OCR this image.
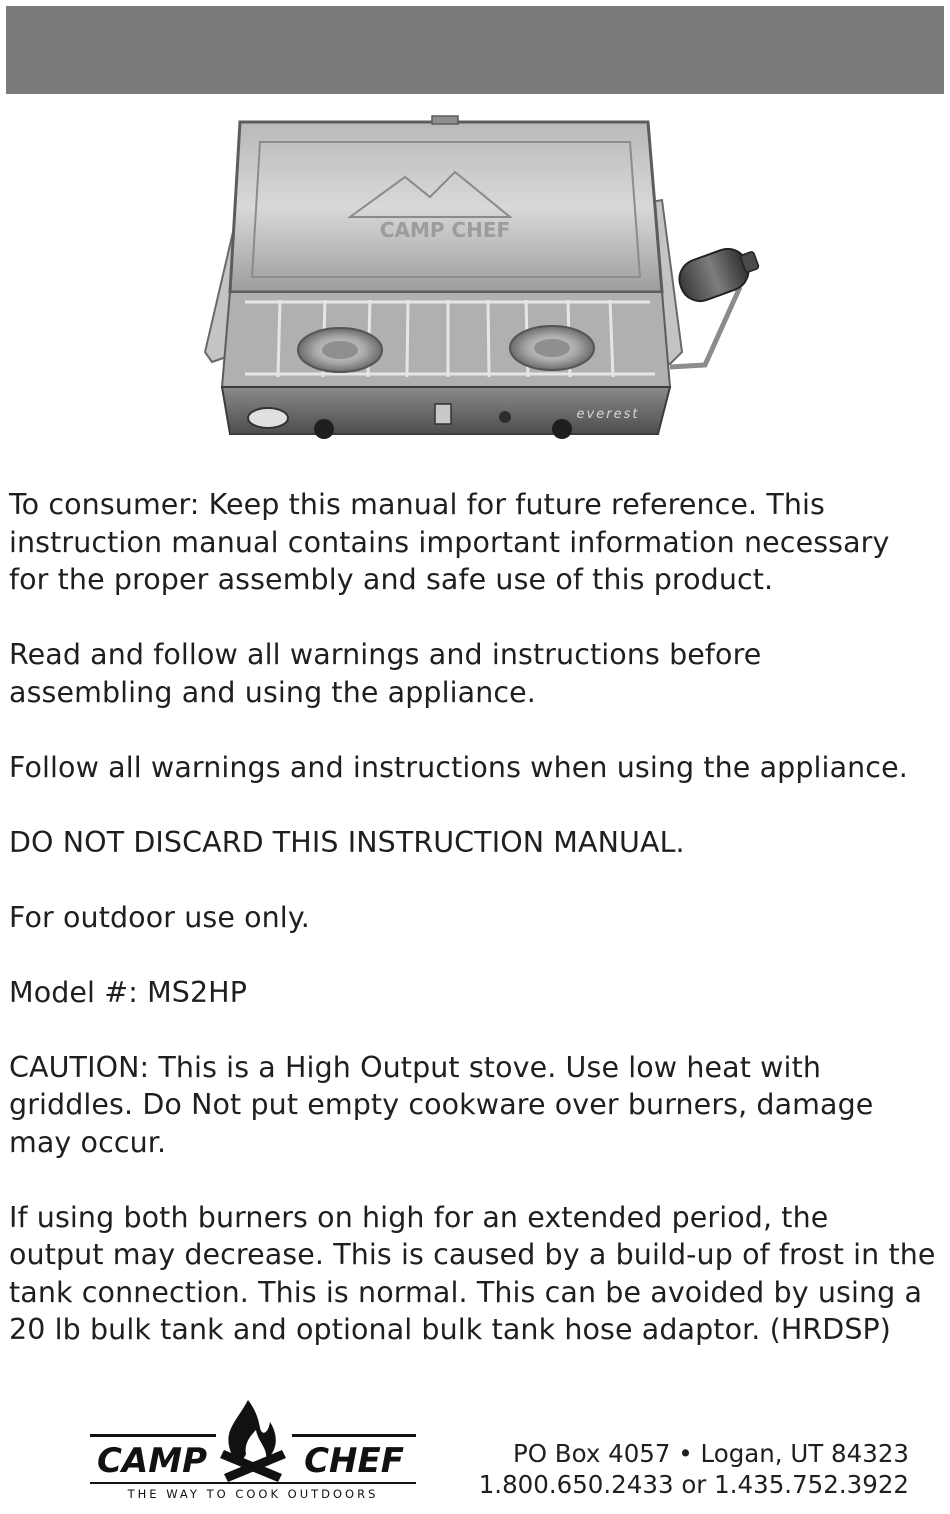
CAMP CHEF
everest

To consumer: Keep this manual for future reference. This
instruction manual contains important information necessary
for the proper assembly and safe use of this product.

Read and follow all warnings and instructions before
assembling and using the appliance.

Follow all warnings and instructions when using the appliance.

DO NOT DISCARD THIS INSTRUCTION MANUAL.

For outdoor use only.

Model #: MS2HP

CAUTION: This is a High Output stove. Use low heat with
griddles. Do Not put empty cookware over burners, damage
may occur.

If using both burners on high for an extended period, the
output may decrease. This is caused by a build-up of frost in the
tank connection. This is normal. This can be avoided by using a
20 lb bulk tank and optional bulk tank hose adaptor. (HRDSP)

CAMP	CHEF
THE WAY TO COOK OUTDOORS
PO Box 4057 • Logan, UT 84323
1.800.650.2433 or 1.435.752.3922
